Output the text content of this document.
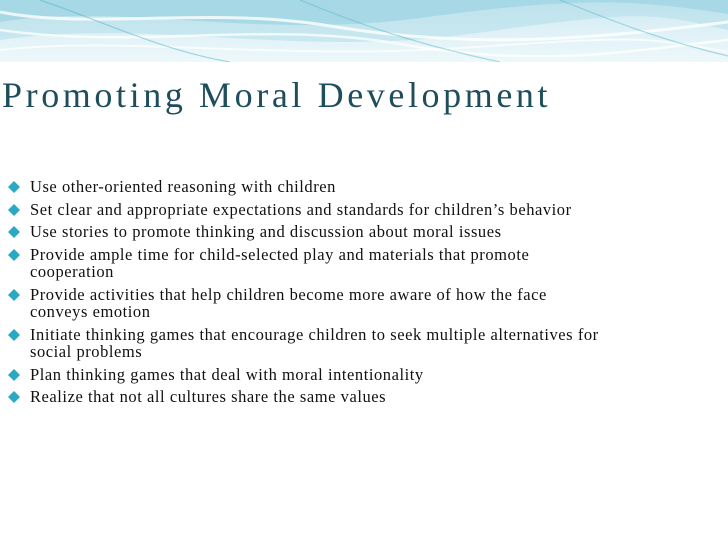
Promoting Moral Development
Use other-oriented reasoning with children
Set clear and appropriate expectations and standards for children’s behavior
Use stories to promote thinking and discussion about moral issues
Provide ample time for child-selected play and materials that promote cooperation
Provide activities that help children become more aware of how the face conveys emotion
Initiate thinking games that encourage children to seek multiple alternatives for social problems
Plan thinking games that deal with moral intentionality
Realize that not all cultures share the same values
